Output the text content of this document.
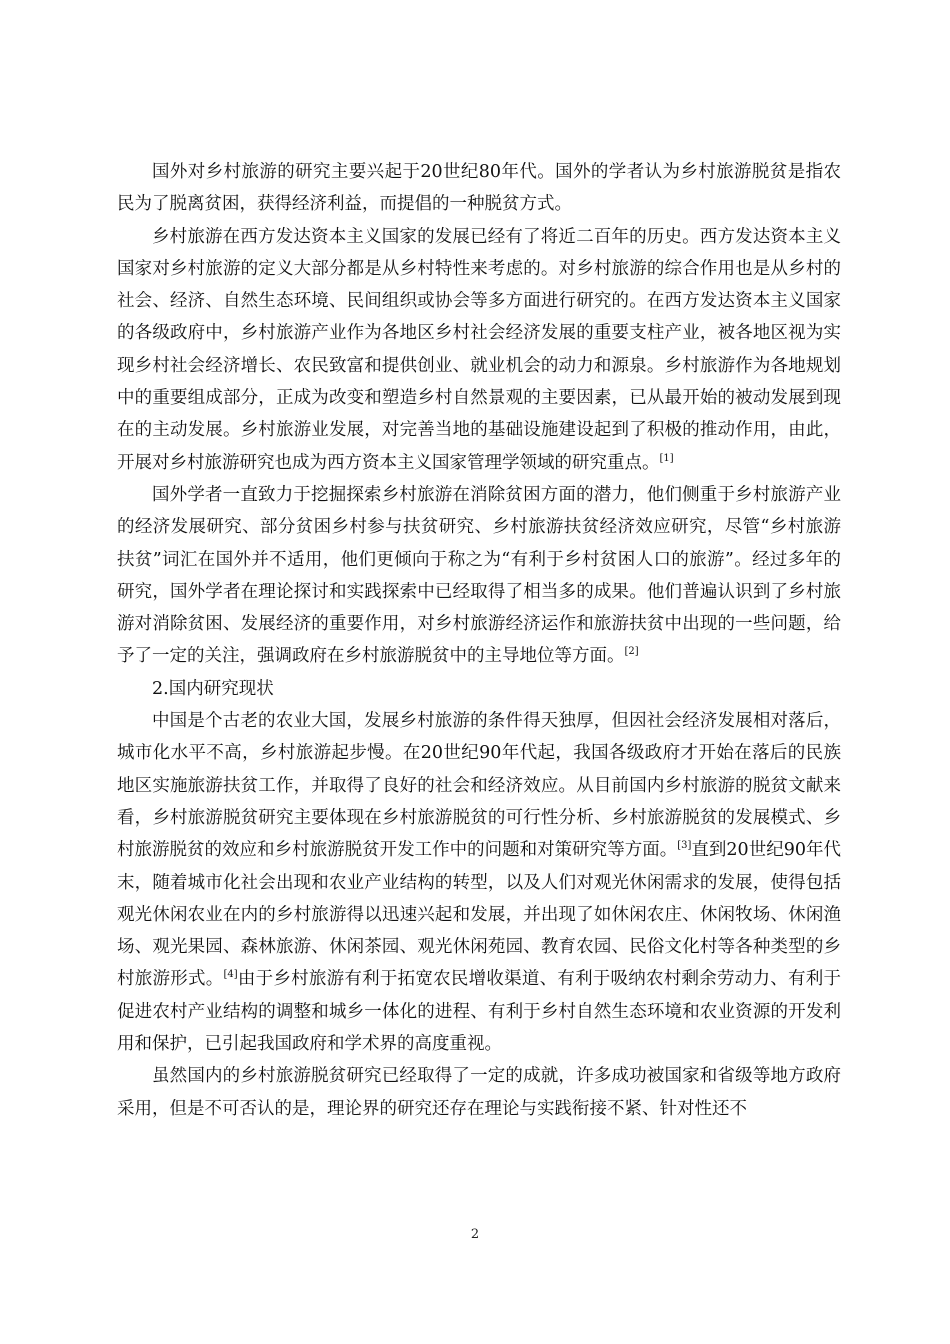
国外对乡村旅游的研究主要兴起于20世纪80年代。国外的学者认为乡村旅游脱贫是指农民为了脱离贫困，获得经济利益，而提倡的一种脱贫方式。

乡村旅游在西方发达资本主义国家的发展已经有了将近二百年的历史。西方发达资本主义国家对乡村旅游的定义大部分都是从乡村特性来考虑的。对乡村旅游的综合作用也是从乡村的社会、经济、自然生态环境、民间组织或协会等多方面进行研究的。在西方发达资本主义国家的各级政府中，乡村旅游产业作为各地区乡村社会经济发展的重要支柱产业，被各地区视为实现乡村社会经济增长、农民致富和提供创业、就业机会的动力和源泉。乡村旅游作为各地规划中的重要组成部分，正成为改变和塑造乡村自然景观的主要因素，已从最开始的被动发展到现在的主动发展。乡村旅游业发展，对完善当地的基础设施建设起到了积极的推动作用，由此，开展对乡村旅游研究也成为西方资本主义国家管理学领域的研究重点。[1]

国外学者一直致力于挖掘探索乡村旅游在消除贫困方面的潜力，他们侧重于乡村旅游产业的经济发展研究、部分贫困乡村参与扶贫研究、乡村旅游扶贫经济效应研究，尽管“乡村旅游扶贫”词汇在国外并不适用，他们更倾向于称之为“有利于乡村贫困人口的旅游”。经过多年的研究，国外学者在理论探讨和实践探索中已经取得了相当多的成果。他们普遍认识到了乡村旅游对消除贫困、发展经济的重要作用，对乡村旅游经济运作和旅游扶贫中出现的一些问题，给予了一定的关注，强调政府在乡村旅游脱贫中的主导地位等方面。[2]

2.国内研究现状

中国是个古老的农业大国，发展乡村旅游的条件得天独厚，但因社会经济发展相对落后，城市化水平不高，乡村旅游起步慢。在20世纪90年代起，我国各级政府才开始在落后的民族地区实施旅游扶贫工作，并取得了良好的社会和经济效应。从目前国内乡村旅游的脱贫文献来看，乡村旅游脱贫研究主要体现在乡村旅游脱贫的可行性分析、乡村旅游脱贫的发展模式、乡村旅游脱贫的效应和乡村旅游脱贫开发工作中的问题和对策研究等方面。[3]直到20世纪90年代末，随着城市化社会出现和农业产业结构的转型，以及人们对观光休闲需求的发展，使得包括观光休闲农业在内的乡村旅游得以迅速兴起和发展，并出现了如休闲农庄、休闲牧场、休闲渔场、观光果园、森林旅游、休闲茶园、观光休闲苑园、教育农园、民俗文化村等各种类型的乡村旅游形式。[4]由于乡村旅游有利于拓宽农民增收渠道、有利于吸纳农村剩余劳动力、有利于促进农村产业结构的调整和城乡一体化的进程、有利于乡村自然生态环境和农业资源的开发利用和保护，已引起我国政府和学术界的高度重视。

虽然国内的乡村旅游脱贫研究已经取得了一定的成就，许多成功被国家和省级等地方政府采用，但是不可否认的是，理论界的研究还存在理论与实践衔接不紧、针对性还不

2
